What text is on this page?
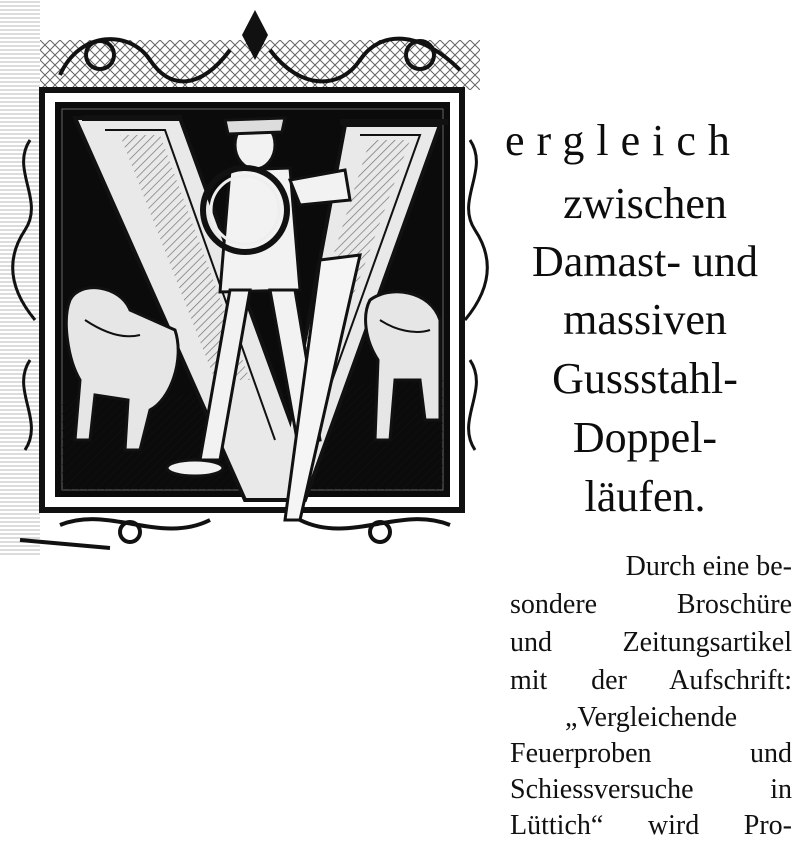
ergleich
zwischen
Damast- und
massiven
Gussstahl-
Doppel-
läufen.
Durch eine be-
sondere Broschüre
und Zeitungsartikel
mit der Aufschrift:
„Vergleichende
Feuerproben und
Schiessversuche in
Lüttich“ wird Pro-
